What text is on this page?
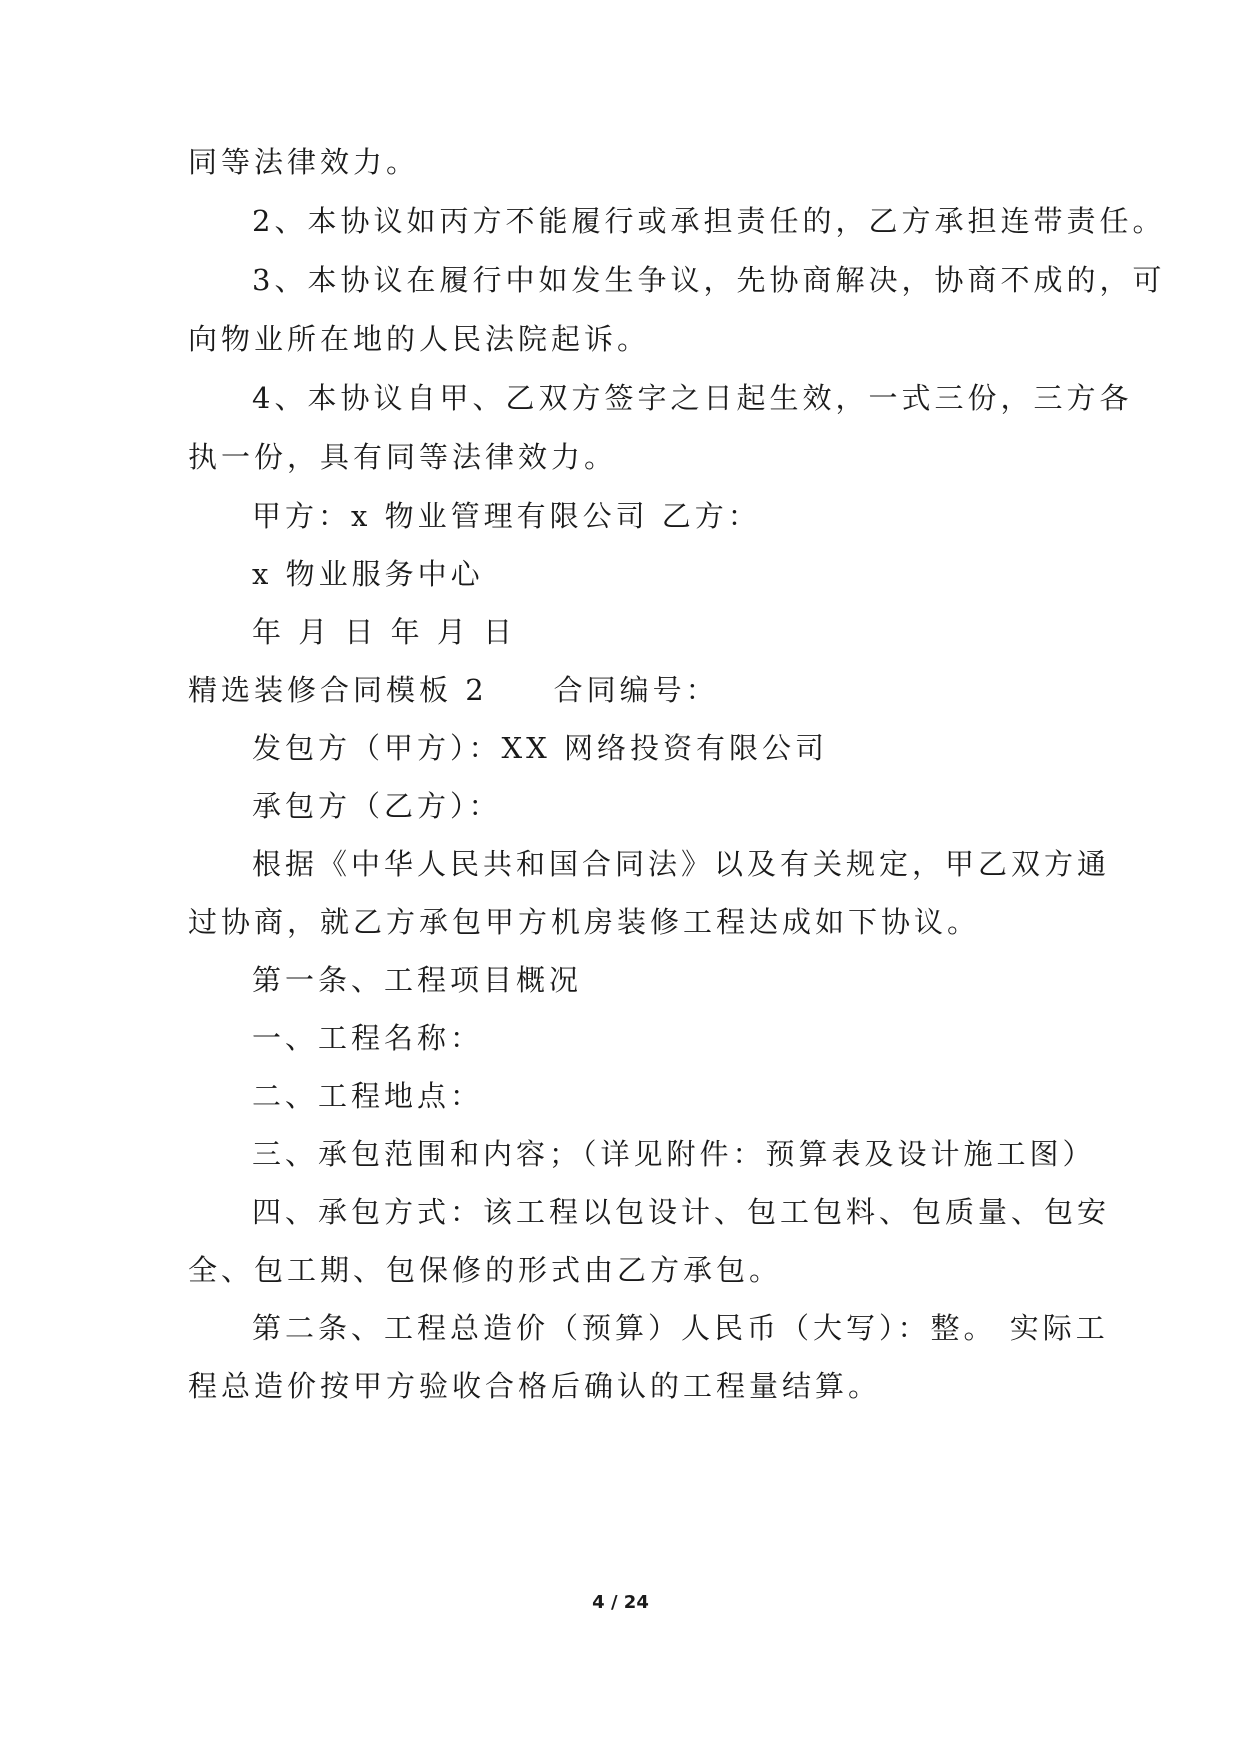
同等法律效力。
2、本协议如丙方不能履行或承担责任的，乙方承担连带责任。
3、本协议在履行中如发生争议，先协商解决，协商不成的，可
向物业所在地的人民法院起诉。
4、本协议自甲、乙双方签字之日起生效，一式三份，三方各
执一份，具有同等法律效力。
甲方：x 物业管理有限公司 乙方：
x 物业服务中心
年 月 日 年 月 日
精选装修合同模板 2 合同编号：
发包方（甲方）：XX 网络投资有限公司
承包方（乙方）：
根据《中华人民共和国合同法》以及有关规定，甲乙双方通
过协商，就乙方承包甲方机房装修工程达成如下协议。
第一条、工程项目概况
一、工程名称：
二、工程地点：
三、承包范围和内容；（详见附件：预算表及设计施工图）
四、承包方式：该工程以包设计、包工包料、包质量、包安
全、包工期、包保修的形式由乙方承包。
第二条、工程总造价（预算）人民币（大写）：整。 实际工
程总造价按甲方验收合格后确认的工程量结算。
4 / 24
